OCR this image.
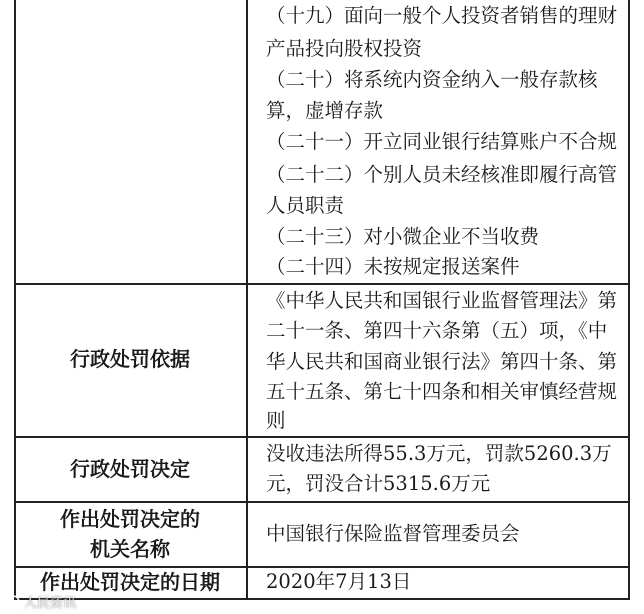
（十九）面向一般个人投资者销售的理财
产品投向股权投资
（二十）将系统内资金纳入一般存款核
算，虚增存款
（二十一）开立同业银行结算账户不合规
（二十二）个别人员未经核准即履行高管
人员职责
（二十三）对小微企业不当收费
（二十四）未按规定报送案件
行政处罚依据
《中华人民共和国银行业监督管理法》第
二十一条、第四十六条第（五）项，《中
华人民共和国商业银行法》第四十条、第
五十五条、第七十四条和相关审慎经营规
则
行政处罚决定
没收违法所得55.3万元，罚款5260.3万
元，罚没合计5315.6万元
作出处罚决定的
机关名称
中国银行保险监督管理委员会
作出处罚决定的日期	2020年7月13日
人民资讯
